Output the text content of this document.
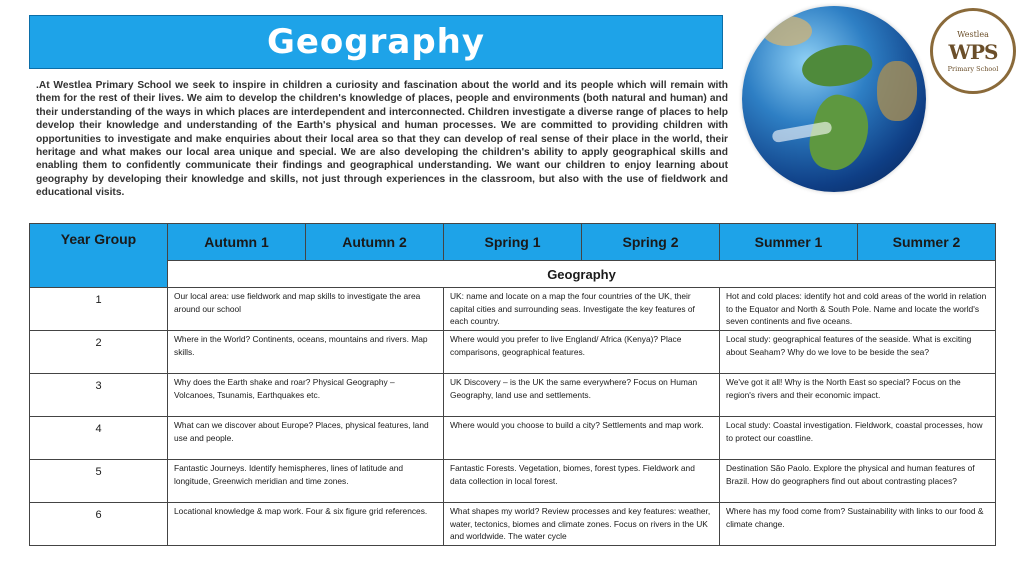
Geography
.At Westlea Primary School we seek to inspire in children a curiosity and fascination about the world and its people which will remain with them for the rest of their lives. We aim to develop the children's knowledge of places, people and environments (both natural and human) and their understanding of the ways in which places are interdependent and interconnected. Children investigate a diverse range of places to help develop their knowledge and understanding of the Earth's physical and human processes. We are committed to providing children with opportunities to investigate and make enquiries about their local area so that they can develop of real sense of their place in the world, their heritage and what makes our local area unique and special. We are also developing the children's ability to apply geographical skills and enabling them to confidently communicate their findings and geographical understanding. We want our children to enjoy learning about geography by developing their knowledge and skills, not just through experiences in the classroom, but also with the use of fieldwork and educational visits.
Westlea
WPS
Primary School
Year Group	Autumn 1	Autumn 2	Spring 1	Spring 2	Summer 1	Summer 2
	Geography					
1	Our local area: use fieldwork and map skills to investigate the area around our school		UK: name and locate on a map the four countries of the UK, their capital cities and surrounding seas. Investigate the key features of each country.		Hot and cold places: identify hot and cold areas of the world in relation to the Equator and North & South Pole. Name and locate the world's seven continents and five oceans.	
2	Where in the World? Continents, oceans, mountains and rivers. Map skills.		Where would you prefer to live England/ Africa (Kenya)? Place comparisons, geographical features.		Local study: geographical features of the seaside. What is exciting about Seaham? Why do we love to be beside the sea?	
3	Why does the Earth shake and roar? Physical Geography – Volcanoes, Tsunamis, Earthquakes etc.		UK Discovery – is the UK the same everywhere? Focus on Human Geography, land use and settlements.		We've got it all! Why is the North East so special? Focus on the region's rivers and their economic impact.	
4	What can we discover about Europe? Places, physical features, land use and people.		Where would you choose to build a city? Settlements and map work.		Local study: Coastal investigation. Fieldwork, coastal processes, how to protect our coastline.	
5	Fantastic Journeys. Identify hemispheres, lines of latitude and longitude, Greenwich meridian and time zones.		Fantastic Forests. Vegetation, biomes, forest types. Fieldwork and data collection in local forest.		Destination São Paolo. Explore the physical and human features of Brazil. How do geographers find out about contrasting places?	
6	Locational knowledge & map work. Four & six figure grid references.		What shapes my world? Review processes and key features: weather, water, tectonics, biomes and climate zones. Focus on rivers in the UK and worldwide. The water cycle		Where has my food come from? Sustainability with links to our food & climate change.	
